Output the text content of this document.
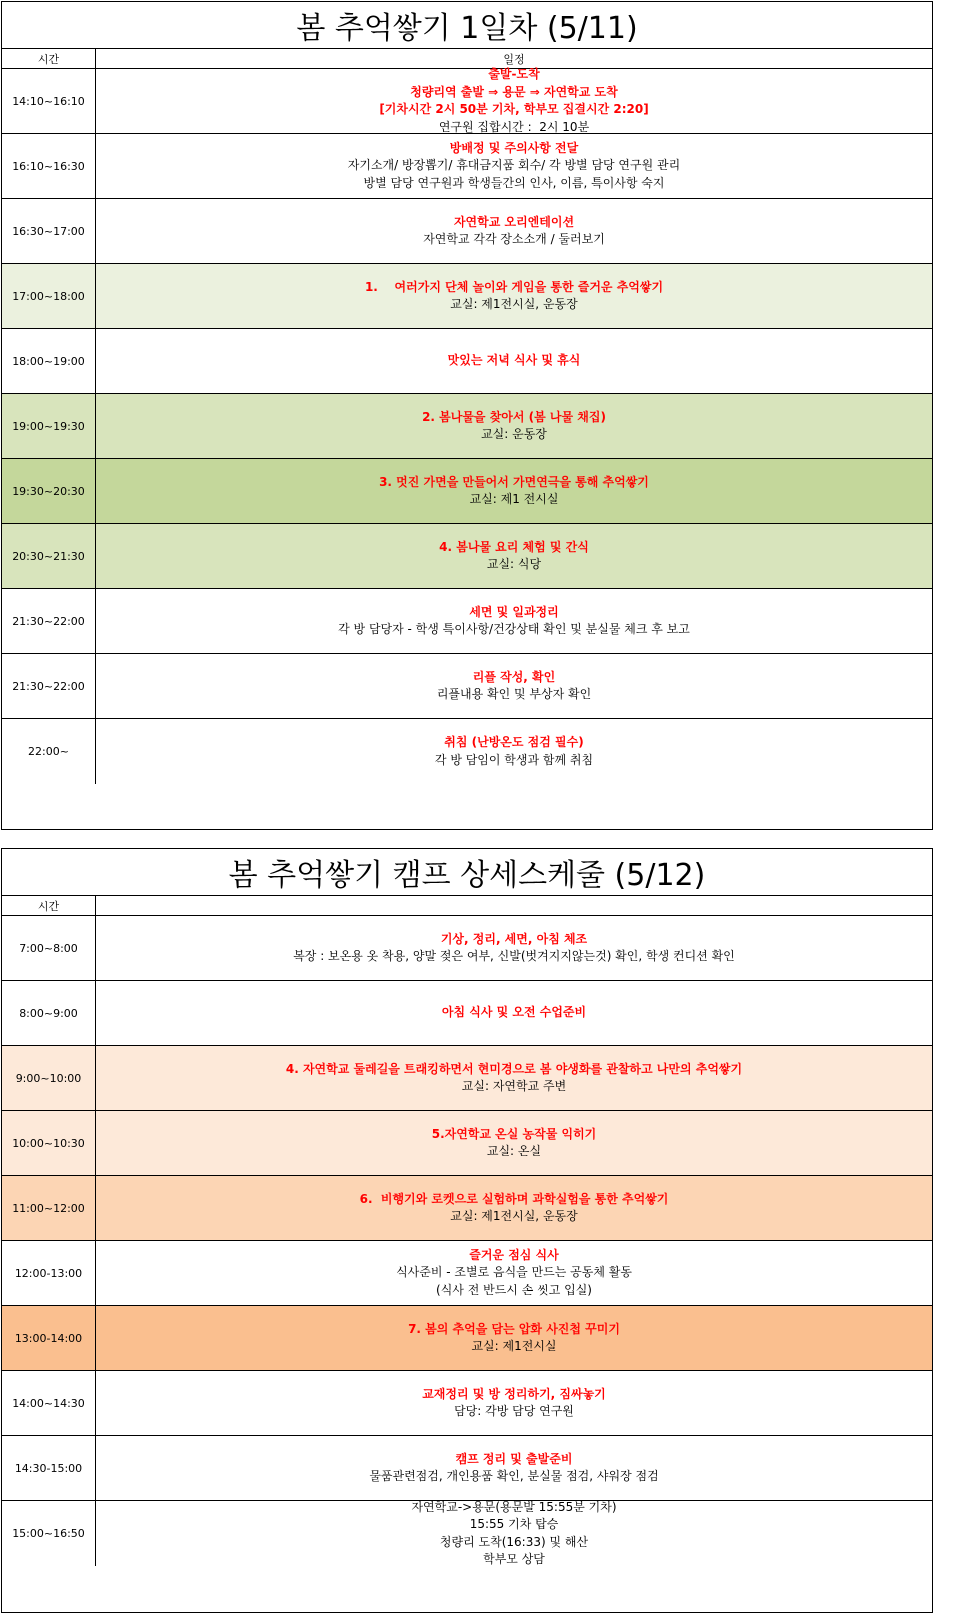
봄 추억쌓기 1일차 (5/11)
시간	일정
14:10~16:10
출발-도착
청량리역 출발 ⇒ 용문 ⇒ 자연학교 도착
[기차시간 2시 50분 기차, 학부모 집결시간 2:20]
연구원 집합시간 :  2시 10분
16:10~16:30
방배정 및 주의사항 전달
자기소개/ 방장뽑기/ 휴대금지품 회수/ 각 방별 담당 연구원 관리
방별 담당 연구원과 학생들간의 인사, 이름, 특이사항 숙지
16:30~17:00
자연학교 오리엔테이션
자연학교 각각 장소소개 / 둘러보기
17:00~18:00
1.    여러가지 단체 놀이와 게임을 통한 즐거운 추억쌓기
교실: 제1전시실, 운동장
18:00~19:00	맛있는 저녁 식사 및 휴식
19:00~19:30
2. 봄나물을 찾아서 (봄 나물 채집)
교실: 운동장
19:30~20:30
3. 멋진 가면을 만들어서 가면연극을 통해 추억쌓기
교실: 제1 전시실
20:30~21:30
4. 봄나물 요리 체험 및 간식
교실: 식당
21:30~22:00
세면 및 일과정리
각 방 담당자 - 학생 특이사항/건강상태 확인 및 분실물 체크 후 보고
21:30~22:00
리플 작성, 확인
리플내용 확인 및 부상자 확인
22:00~
취침 (난방온도 점검 필수)
각 방 담임이 학생과 함께 취침
봄 추억쌓기 캠프 상세스케줄 (5/12)
시간
7:00~8:00
기상, 정리, 세면, 아침 체조
복장 : 보온용 옷 착용, 양말 젖은 여부, 신발(벗겨지지않는것) 확인, 학생 컨디션 확인
8:00~9:00	아침 식사 및 오전 수업준비
9:00~10:00
4. 자연학교 둘레길을 트래킹하면서 현미경으로 봄 야생화를 관찰하고 나만의 추억쌓기
교실: 자연학교 주변
10:00~10:30
5.자연학교 온실 농작물 익히기
교실: 온실
11:00~12:00
6.  비행기와 로켓으로 실험하며 과학실험을 통한 추억쌓기
교실: 제1전시실, 운동장
12:00-13:00
즐거운 점심 식사
식사준비 - 조별로 음식을 만드는 공동체 활동
(식사 전 반드시 손 씻고 입실)
13:00-14:00
7. 봄의 추억을 담는 압화 사진첩 꾸미기
교실: 제1전시실
14:00~14:30
교재정리 및 방 정리하기, 짐싸놓기
담당: 각방 담당 연구원
14:30-15:00
캠프 정리 및 출발준비
물품관련점검, 개인용품 확인, 분실물 점검, 샤워장 점검
15:00~16:50
자연학교->용문(용문발 15:55분 기차)
15:55 기차 탑승
청량리 도착(16:33) 및 해산
학부모 상담
